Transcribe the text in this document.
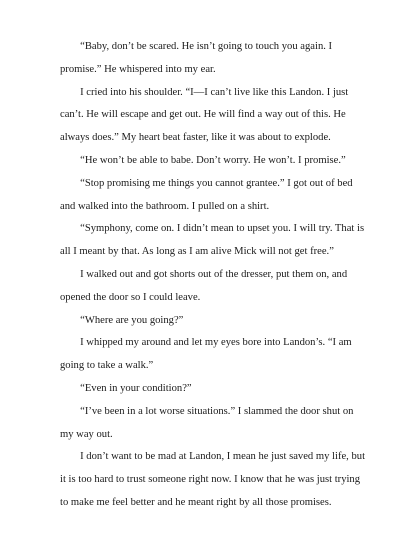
“Baby, don’t be scared. He isn’t going to touch you again. I promise.” He whispered into my ear.

I cried into his shoulder. “I—I can’t live like this Landon. I just can’t. He will escape and get out. He will find a way out of this. He always does.” My heart beat faster, like it was about to explode.

“He won’t be able to babe. Don’t worry. He won’t. I promise.”

“Stop promising me things you cannot grantee.” I got out of bed and walked into the bathroom. I pulled on a shirt.

“Symphony, come on. I didn’t mean to upset you. I will try. That is all I meant by that. As long as I am alive Mick will not get free.”

I walked out and got shorts out of the dresser, put them on, and opened the door so I could leave.

“Where are you going?”

I whipped my around and let my eyes bore into Landon’s. “I am going to take a walk.”

“Even in your condition?”

“I’ve been in a lot worse situations.” I slammed the door shut on my way out.

I don’t want to be mad at Landon, I mean he just saved my life, but it is too hard to trust someone right now. I know that he was just trying to make me feel better and he meant right by all those promises.
